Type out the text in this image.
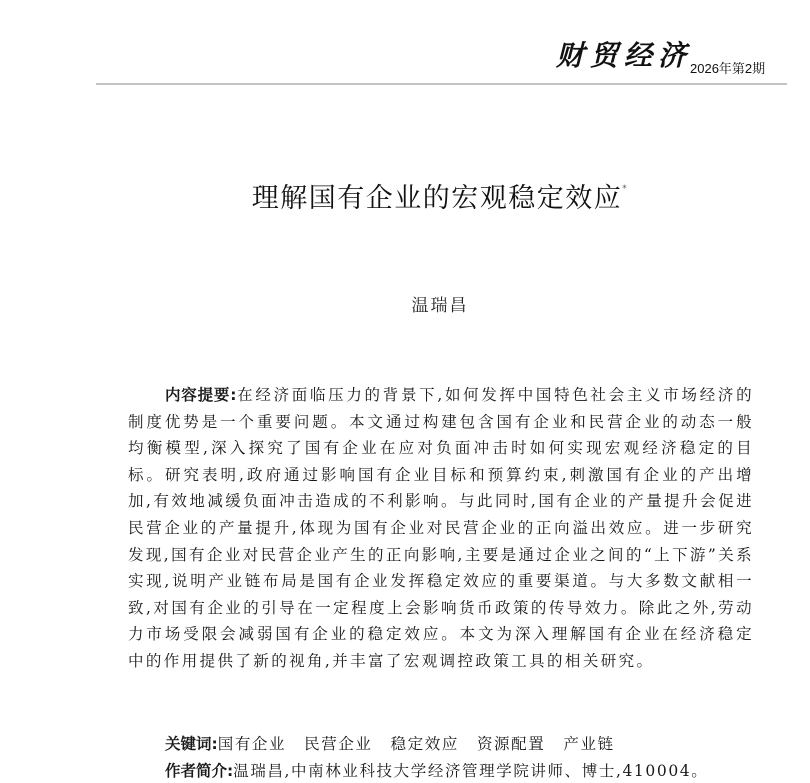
财贸经济
2026年第2期
理解国有企业的宏观稳定效应*
温瑞昌
内容提要:在经济面临压力的背景下,如何发挥中国特色社会主义市场经济的制度优势是一个重要问题。本文通过构建包含国有企业和民营企业的动态一般均衡模型,深入探究了国有企业在应对负面冲击时如何实现宏观经济稳定的目标。研究表明,政府通过影响国有企业目标和预算约束,刺激国有企业的产出增加,有效地减缓负面冲击造成的不利影响。与此同时,国有企业的产量提升会促进民营企业的产量提升,体现为国有企业对民营企业的正向溢出效应。进一步研究发现,国有企业对民营企业产生的正向影响,主要是通过企业之间的“上下游”关系实现,说明产业链布局是国有企业发挥稳定效应的重要渠道。与大多数文献相一致,对国有企业的引导在一定程度上会影响货币政策的传导效力。除此之外,劳动力市场受限会减弱国有企业的稳定效应。本文为深入理解国有企业在经济稳定中的作用提供了新的视角,并丰富了宏观调控政策工具的相关研究。
关键词:国有企业 民营企业 稳定效应 资源配置 产业链
作者简介:温瑞昌,中南林业科技大学经济管理学院讲师、博士,410004。
